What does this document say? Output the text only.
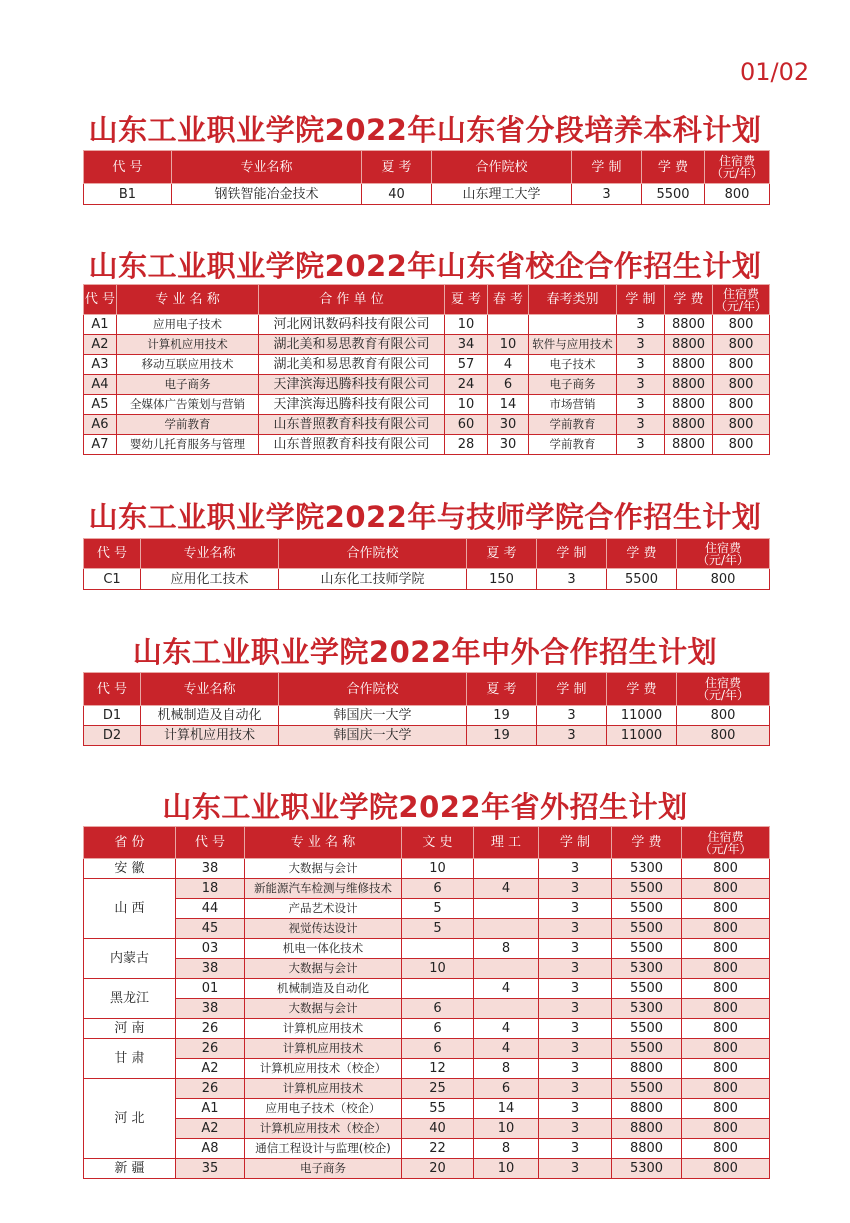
01/02
山东工业职业学院2022年山东省分段培养本科计划
代 号	专业名称	夏 考	合作院校	学 制	学 费	住宿费
（元/年）
B1	钢铁智能冶金技术	40	山东理工大学	3	5500	800
山东工业职业学院2022年山东省校企合作招生计划
代 号	专 业 名 称	合 作 单 位	夏 考	春 考	春考类别	学 制	学 费	住宿费
（元/年）
A1	应用电子技术	河北网讯数码科技有限公司	10			3	8800	800
A2	计算机应用技术	湖北美和易思教育有限公司	34	10	软件与应用技术	3	8800	800
A3	移动互联应用技术	湖北美和易思教育有限公司	57	4	电子技术	3	8800	800
A4	电子商务	天津滨海迅腾科技有限公司	24	6	电子商务	3	8800	800
A5	全媒体广告策划与营销	天津滨海迅腾科技有限公司	10	14	市场营销	3	8800	800
A6	学前教育	山东普照教育科技有限公司	60	30	学前教育	3	8800	800
A7	婴幼儿托育服务与管理	山东普照教育科技有限公司	28	30	学前教育	3	8800	800
山东工业职业学院2022年与技师学院合作招生计划
代 号	专业名称	合作院校	夏 考	学 制	学 费	住宿费
（元/年）
C1	应用化工技术	山东化工技师学院	150	3	5500	800
山东工业职业学院2022年中外合作招生计划
代 号	专业名称	合作院校	夏 考	学 制	学 费	住宿费
（元/年）
D1	机械制造及自动化	韩国庆一大学	19	3	11000	800
D2	计算机应用技术	韩国庆一大学	19	3	11000	800
山东工业职业学院2022年省外招生计划
省 份	代 号	专 业 名 称	文 史	理 工	学 制	学 费	住宿费
（元/年）
安 徽	38	大数据与会计	10		3	5300	800
山 西	18	新能源汽车检测与维修技术	6	4	3	5500	800
	44	产品艺术设计	5		3	5500	800
	45	视觉传达设计	5		3	5500	800
内蒙古	03	机电一体化技术		8	3	5500	800
	38	大数据与会计	10		3	5300	800
黑龙江	01	机械制造及自动化		4	3	5500	800
	38	大数据与会计	6		3	5300	800
河 南	26	计算机应用技术	6	4	3	5500	800
甘 肃	26	计算机应用技术	6	4	3	5500	800
	A2	计算机应用技术（校企）	12	8	3	8800	800
河 北	26	计算机应用技术	25	6	3	5500	800
	A1	应用电子技术（校企）	55	14	3	8800	800
	A2	计算机应用技术（校企）	40	10	3	8800	800
	A8	通信工程设计与监理(校企)	22	8	3	8800	800
新 疆	35	电子商务	20	10	3	5300	800
